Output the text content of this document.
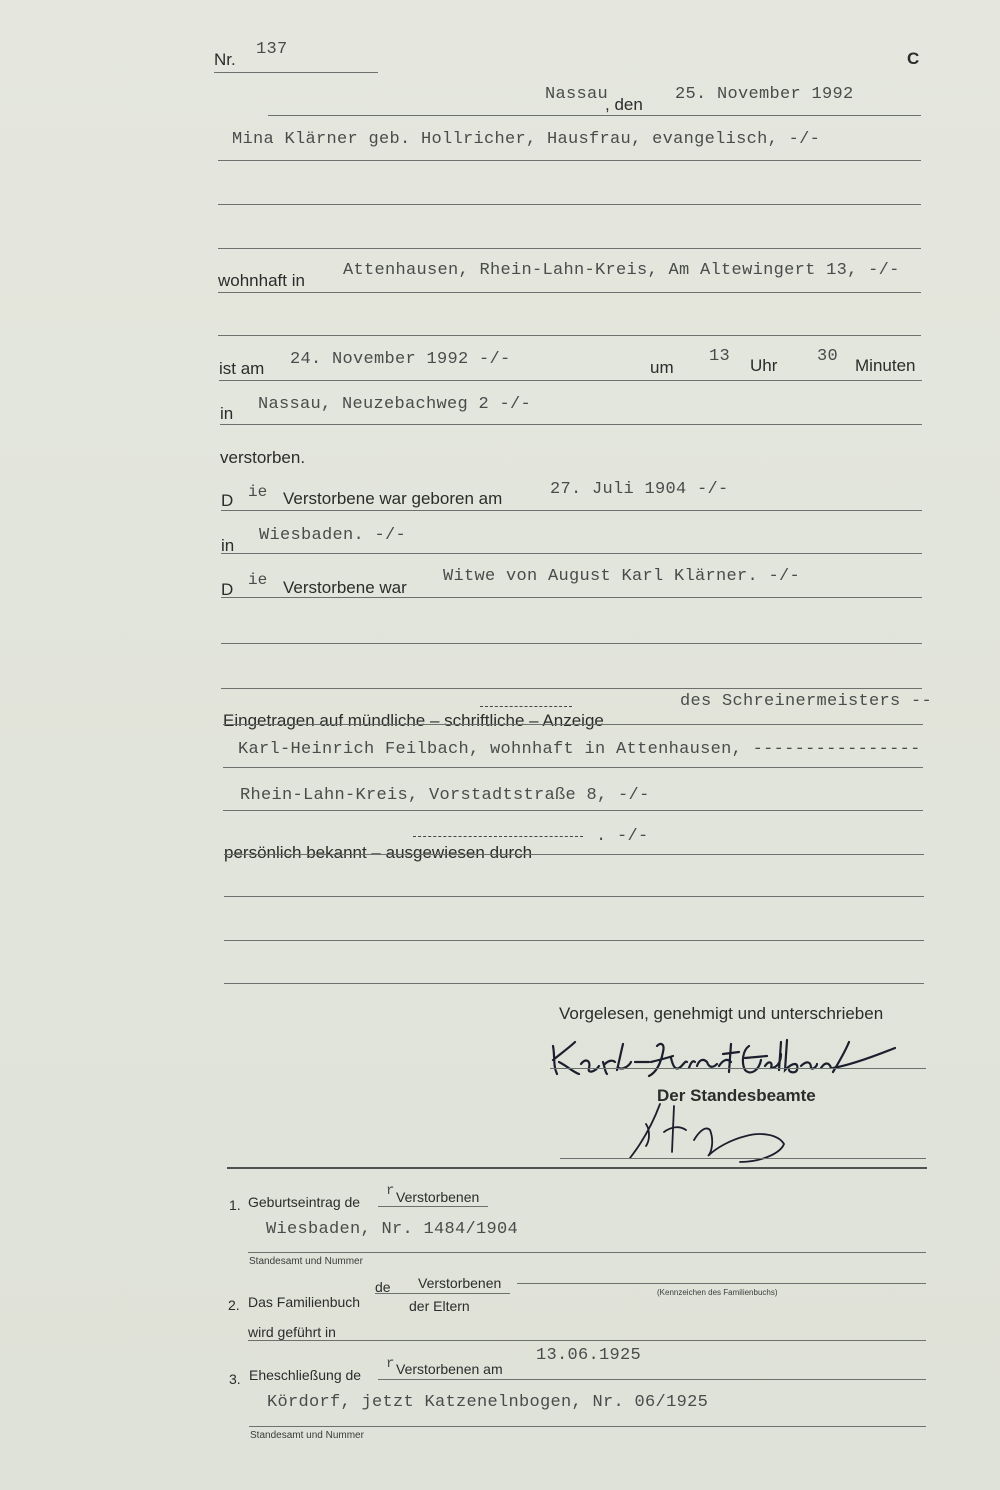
Nr.
137	C
Nassau
, den
25. November 1992
Mina Klärner geb. Hollricher, Hausfrau, evangelisch, -/-
wohnhaft in
Attenhausen, Rhein-Lahn-Kreis, Am Altewingert 13, -/-
ist am 24. November 1992 -/-	um
13 Uhr 30 Minuten
in Nassau, Neuzebachweg 2 -/-
verstorben.
D ie Verstorbene war geboren am	27. Juli 1904 -/-
in
Wiesbaden. -/-
D ie Verstorbene war
Witwe von August Karl Klärner. -/-
Eingetragen auf mündliche – schriftliche – Anzeige
des Schreinermeisters --
Karl-Heinrich Feilbach, wohnhaft in Attenhausen, ----------------
Rhein-Lahn-Kreis, Vorstadtstraße 8, -/-
persönlich bekannt – ausgewiesen durch
. -/-
Vorgelesen, genehmigt und unterschrieben
Der Standesbeamte
1. Geburtseintrag de
r Verstorbenen
Wiesbaden, Nr. 1484/1904
Standesamt und Nummer
2. Das Familienbuch
de Verstorbenen
der Eltern
(Kennzeichen des Familienbuchs)
wird geführt in
3. Eheschließung de
r Verstorbenen am
13.06.1925
Kördorf, jetzt Katzenelnbogen, Nr. 06/1925
Standesamt und Nummer
